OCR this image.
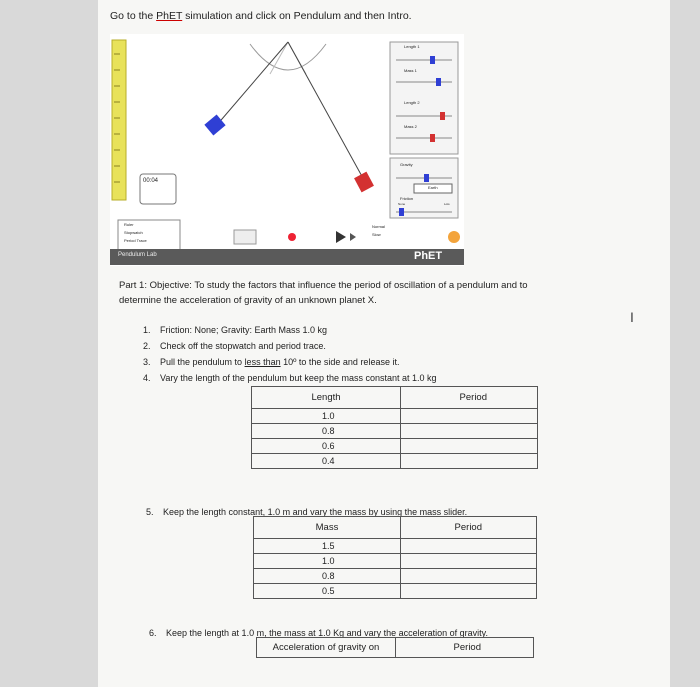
Go to the PhET simulation and click on Pendulum and then Intro.
00:04
Length 1
Mass 1
Length 2
Mass 2
Gravity
Earth
Friction
None	Lots
Normal
Slow
Ruler
Stopwatch
Period Trace
Pendulum Lab	PhET
Part 1: Objective: To study the factors that influence the period of oscillation of a pendulum and to
determine the acceleration of gravity of an unknown planet X.
1. Friction: None; Gravity: Earth Mass 1.0 kg
2. Check off the stopwatch and period trace.
3. Pull the pendulum to less than 10º to the side and release it.
4. Vary the length of the pendulum but keep the mass constant at 1.0 kg
Length	Period
1.0	
0.8	
0.6	
0.4	
5. Keep the length constant, 1.0 m and vary the mass by using the mass slider.
Mass	Period
1.5	
1.0	
0.8	
0.5	
6. Keep the length at 1.0 m, the mass at 1.0 Kg and vary the acceleration of gravity.
Acceleration of gravity on	Period
I
